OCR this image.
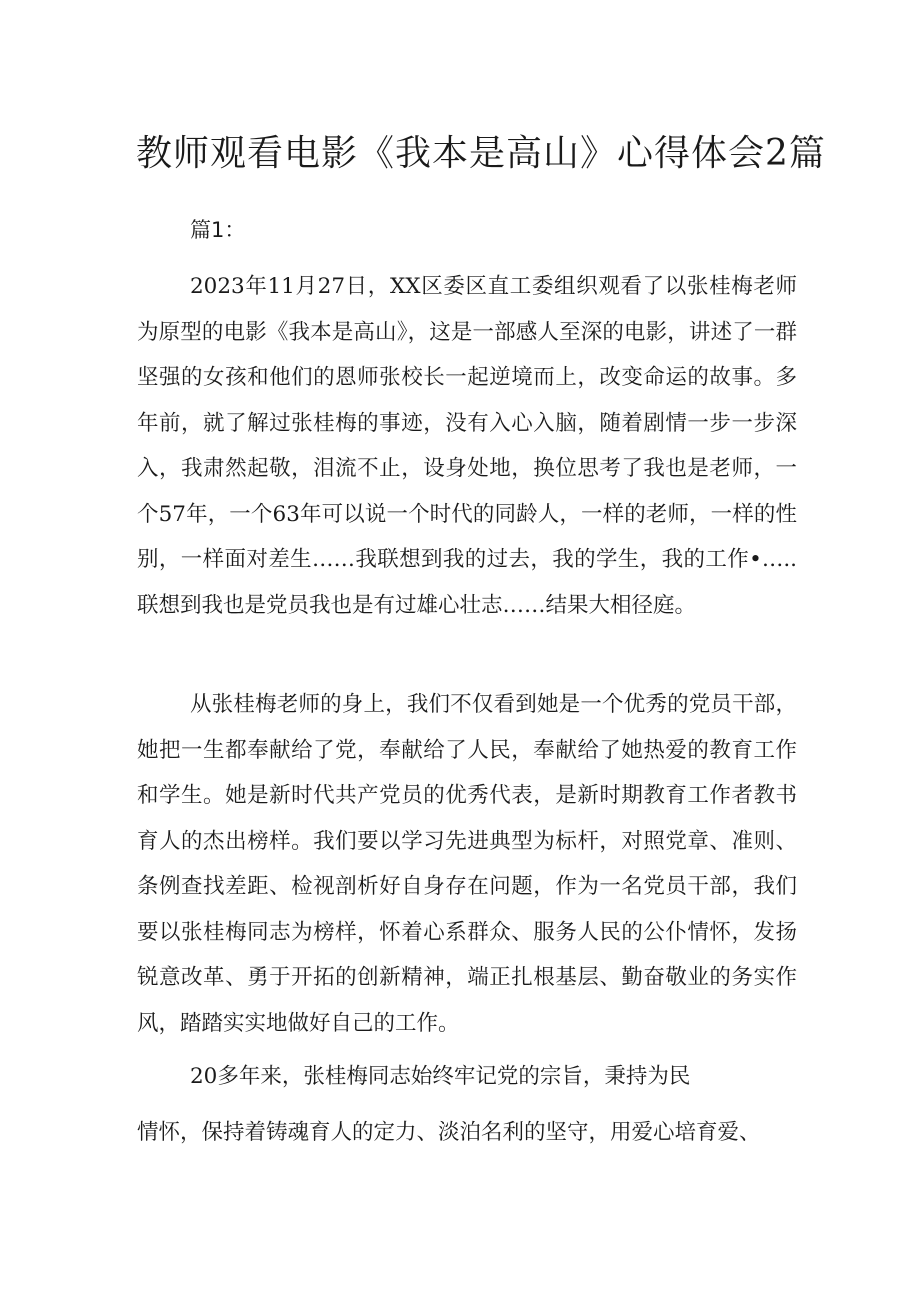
教师观看电影《我本是高山》心得体会2篇
篇1：
2023年11月27日，XX区委区直工委组织观看了以张桂梅老师为原型的电影《我本是高山》，这是一部感人至深的电影，讲述了一群坚强的女孩和他们的恩师张校长一起逆境而上，改变命运的故事。多年前，就了解过张桂梅的事迹，没有入心入脑，随着剧情一步一步深入，我肃然起敬，泪流不止，设身处地，换位思考了我也是老师，一个57年，一个63年可以说一个时代的同龄人，一样的老师，一样的性别，一样面对差生……我联想到我的过去，我的学生，我的工作•….. 联想到我也是党员我也是有过雄心壮志……结果大相径庭。
从张桂梅老师的身上，我们不仅看到她是一个优秀的党员干部，她把一生都奉献给了党，奉献给了人民，奉献给了她热爱的教育工作和学生。她是新时代共产党员的优秀代表，是新时期教育工作者教书育人的杰出榜样。我们要以学习先进典型为标杆，对照党章、准则、条例查找差距、检视剖析好自身存在问题，作为一名党员干部，我们要以张桂梅同志为榜样，怀着心系群众、服务人民的公仆情怀，发扬锐意改革、勇于开拓的创新精神，端正扎根基层、勤奋敬业的务实作风，踏踏实实地做好自己的工作。
20多年来，张桂梅同志始终牢记党的宗旨，秉持为民
情怀，保持着铸魂育人的定力、淡泊名利的坚守，用爱心培育爱、
